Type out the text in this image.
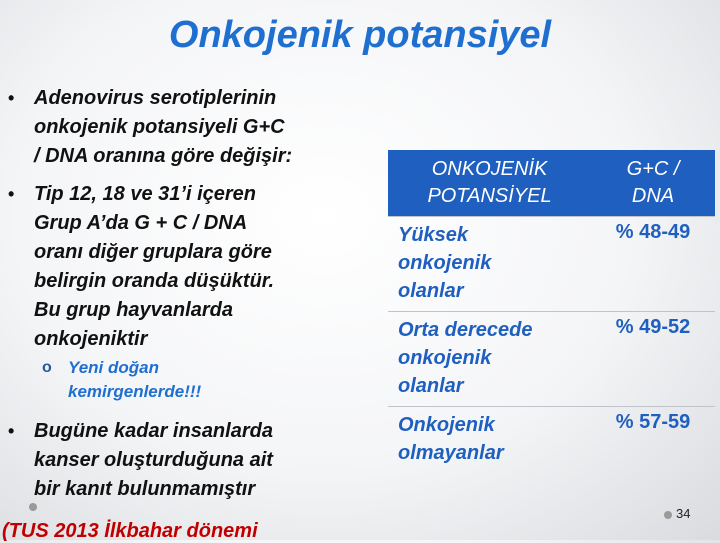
Onkojenik potansiyel
• Adenovirus serotiplerinin
onkojenik potansiyeli G+C
/ DNA oranına göre değişir:
• Tip 12, 18 ve 31’i içeren
Grup A’da G + C / DNA
oranı diğer gruplara göre
belirgin oranda düşüktür.
Bu grup hayvanlarda
onkojeniktir
• Bugüne kadar insanlarda
kanser oluşturduğuna ait
bir kanıt bulunmamıştır
o Yeni doğan
kemirgenlerde!!!
ONKOJENİK
POTANSİYEL	G+C /
DNA

Yüksek
onkojenik
olanlar	% 48-49

Orta derecede
onkojenik
olanlar	% 49-52

Onkojenik
olmayanlar	% 57-59
(TUS 2013 İlkbahar dönemi
34
